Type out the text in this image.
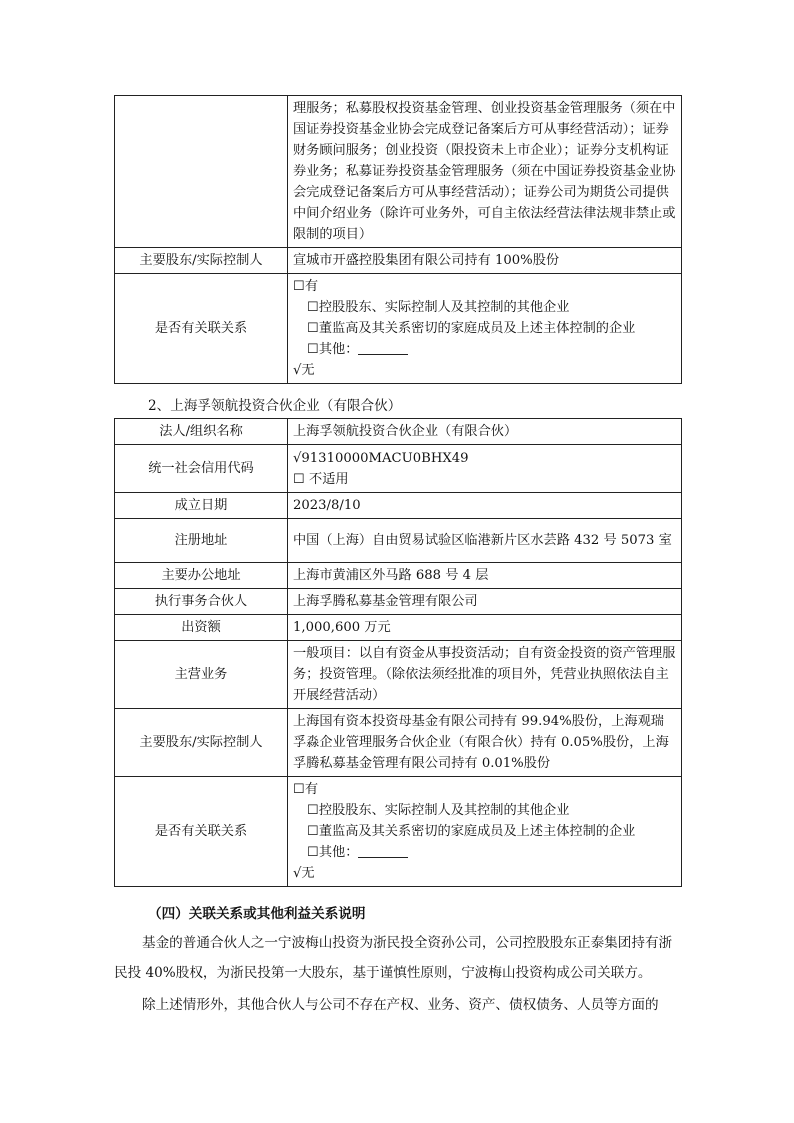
	理服务；私募股权投资基金管理、创业投资基金管理服务（须在中国证券投资基金业协会完成登记备案后方可从事经营活动）；证券财务顾问服务；创业投资（限投资未上市企业）；证券分支机构证券业务；私募证券投资基金管理服务（须在中国证券投资基金业协会完成登记备案后方可从事经营活动）；证券公司为期货公司提供中间介绍业务（除许可业务外，可自主依法经营法律法规非禁止或限制的项目）
主要股东/实际控制人	宣城市开盛控股集团有限公司持有 100%股份
是否有关联关系	☐有
☐控股股东、实际控制人及其控制的其他企业
☐董监高及其关系密切的家庭成员及上述主体控制的企业
☐其他：
√无
2、上海孚领航投资合伙企业（有限合伙）
法人/组织名称	上海孚领航投资合伙企业（有限合伙）
统一社会信用代码	√91310000MACU0BHX49
☐ 不适用

成立日期	2023/8/10
注册地址	中国（上海）自由贸易试验区临港新片区水芸路 432 号 5073 室
主要办公地址	上海市黄浦区外马路 688 号 4 层
执行事务合伙人	上海孚腾私募基金管理有限公司
出资额	1,000,600 万元
主营业务	一般项目：以自有资金从事投资活动；自有资金投资的资产管理服务；投资管理。（除依法须经批准的项目外，凭营业执照依法自主开展经营活动）
主要股东/实际控制人	上海国有资本投资母基金有限公司持有 99.94%股份，上海观瑞孚淼企业管理服务合伙企业（有限合伙）持有 0.05%股份，上海孚腾私募基金管理有限公司持有 0.01%股份
是否有关联关系	☐有
☐控股股东、实际控制人及其控制的其他企业
☐董监高及其关系密切的家庭成员及上述主体控制的企业
☐其他：
√无
（四）关联关系或其他利益关系说明
基金的普通合伙人之一宁波梅山投资为浙民投全资孙公司，公司控股股东正泰集团持有浙民投 40%股权，为浙民投第一大股东，基于谨慎性原则，宁波梅山投资构成公司关联方。
除上述情形外，其他合伙人与公司不存在产权、业务、资产、债权债务、人员等方面的
